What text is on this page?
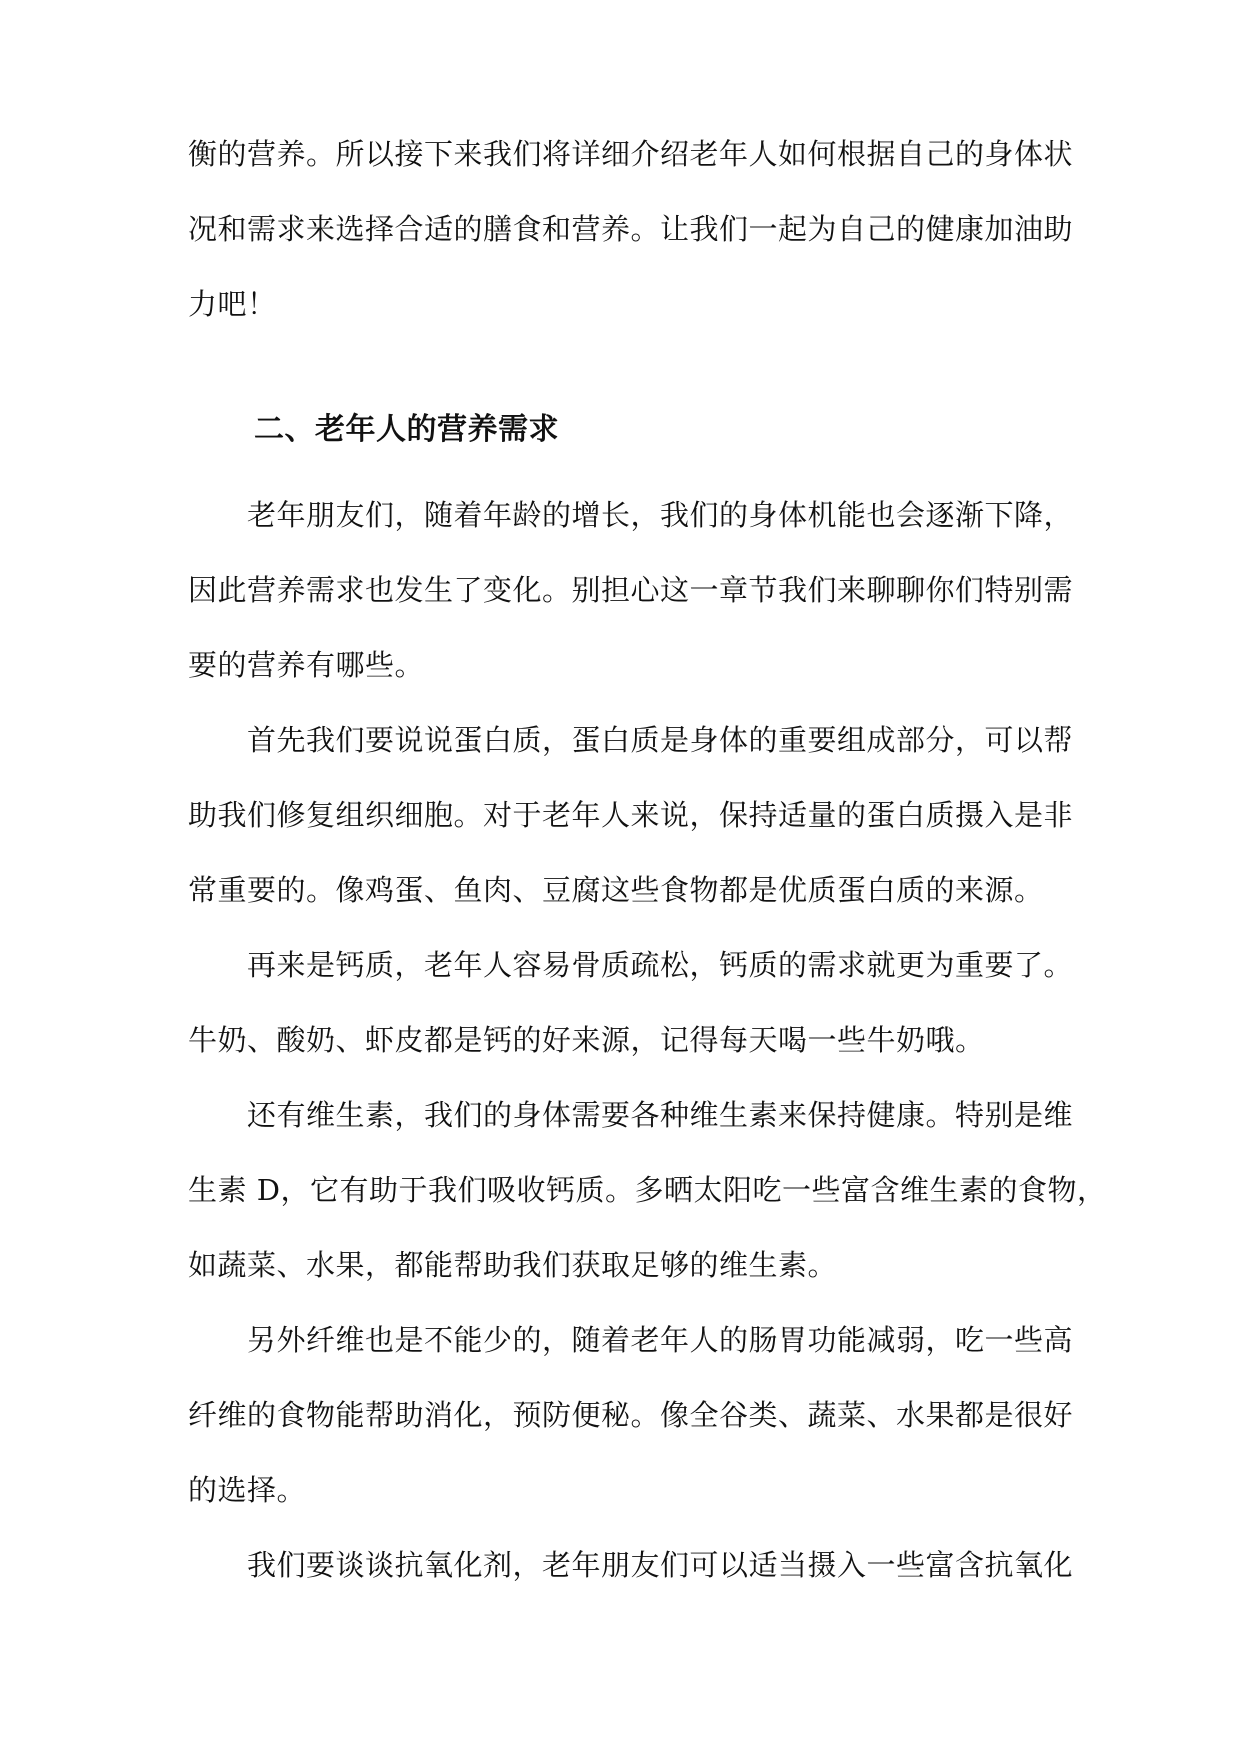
衡的营养。所以接下来我们将详细介绍老年人如何根据自己的身体状
况和需求来选择合适的膳食和营养。让我们一起为自己的健康加油助
力吧！
二、老年人的营养需求
老年朋友们，随着年龄的增长，我们的身体机能也会逐渐下降，
因此营养需求也发生了变化。别担心这一章节我们来聊聊你们特别需
要的营养有哪些。
首先我们要说说蛋白质，蛋白质是身体的重要组成部分，可以帮
助我们修复组织细胞。对于老年人来说，保持适量的蛋白质摄入是非
常重要的。像鸡蛋、鱼肉、豆腐这些食物都是优质蛋白质的来源。
再来是钙质，老年人容易骨质疏松，钙质的需求就更为重要了。
牛奶、酸奶、虾皮都是钙的好来源，记得每天喝一些牛奶哦。
还有维生素，我们的身体需要各种维生素来保持健康。特别是维
生素 D，它有助于我们吸收钙质。多晒太阳吃一些富含维生素的食物，
如蔬菜、水果，都能帮助我们获取足够的维生素。
另外纤维也是不能少的，随着老年人的肠胃功能减弱，吃一些高
纤维的食物能帮助消化，预防便秘。像全谷类、蔬菜、水果都是很好
的选择。
我们要谈谈抗氧化剂，老年朋友们可以适当摄入一些富含抗氧化
